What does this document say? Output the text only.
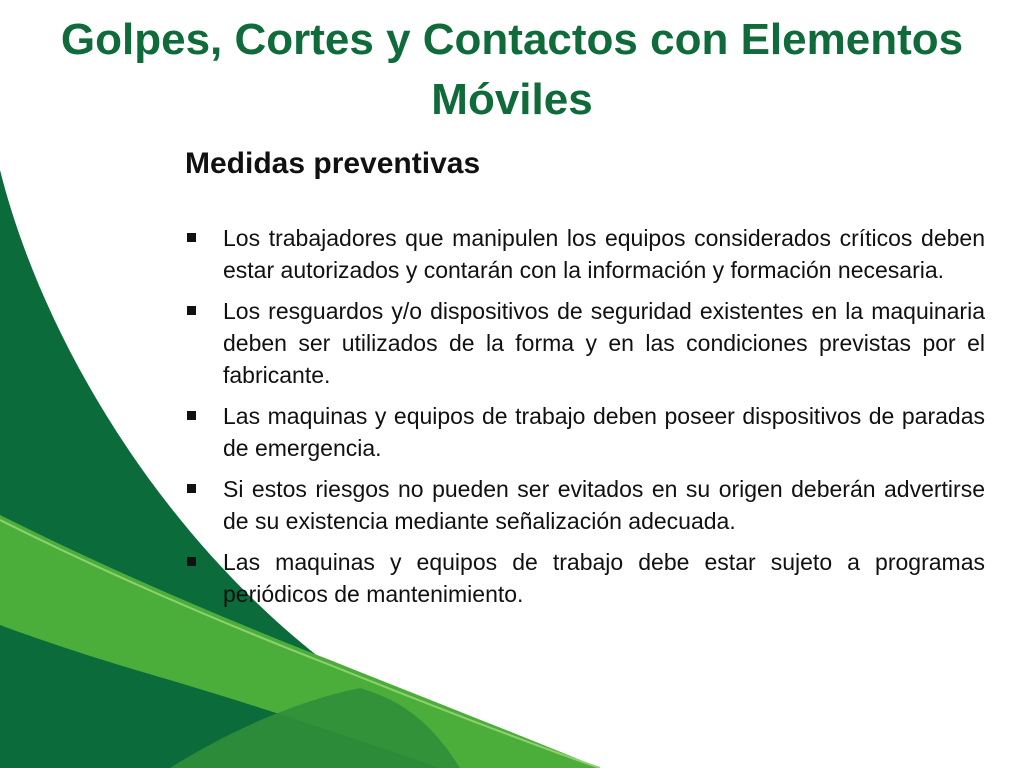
Golpes, Cortes y Contactos con Elementos Móviles
Medidas preventivas
Los trabajadores que manipulen los equipos considerados críticos deben estar autorizados y contarán con la información y formación necesaria.
Los resguardos y/o dispositivos de seguridad existentes en la maquinaria deben ser utilizados de la forma y en las condiciones previstas por el fabricante.
Las maquinas y equipos de trabajo deben poseer dispositivos de paradas de emergencia.
Si estos riesgos no pueden ser evitados en su origen deberán advertirse de su existencia mediante señalización adecuada.
Las maquinas y equipos de trabajo debe estar sujeto a programas periódicos de mantenimiento.
